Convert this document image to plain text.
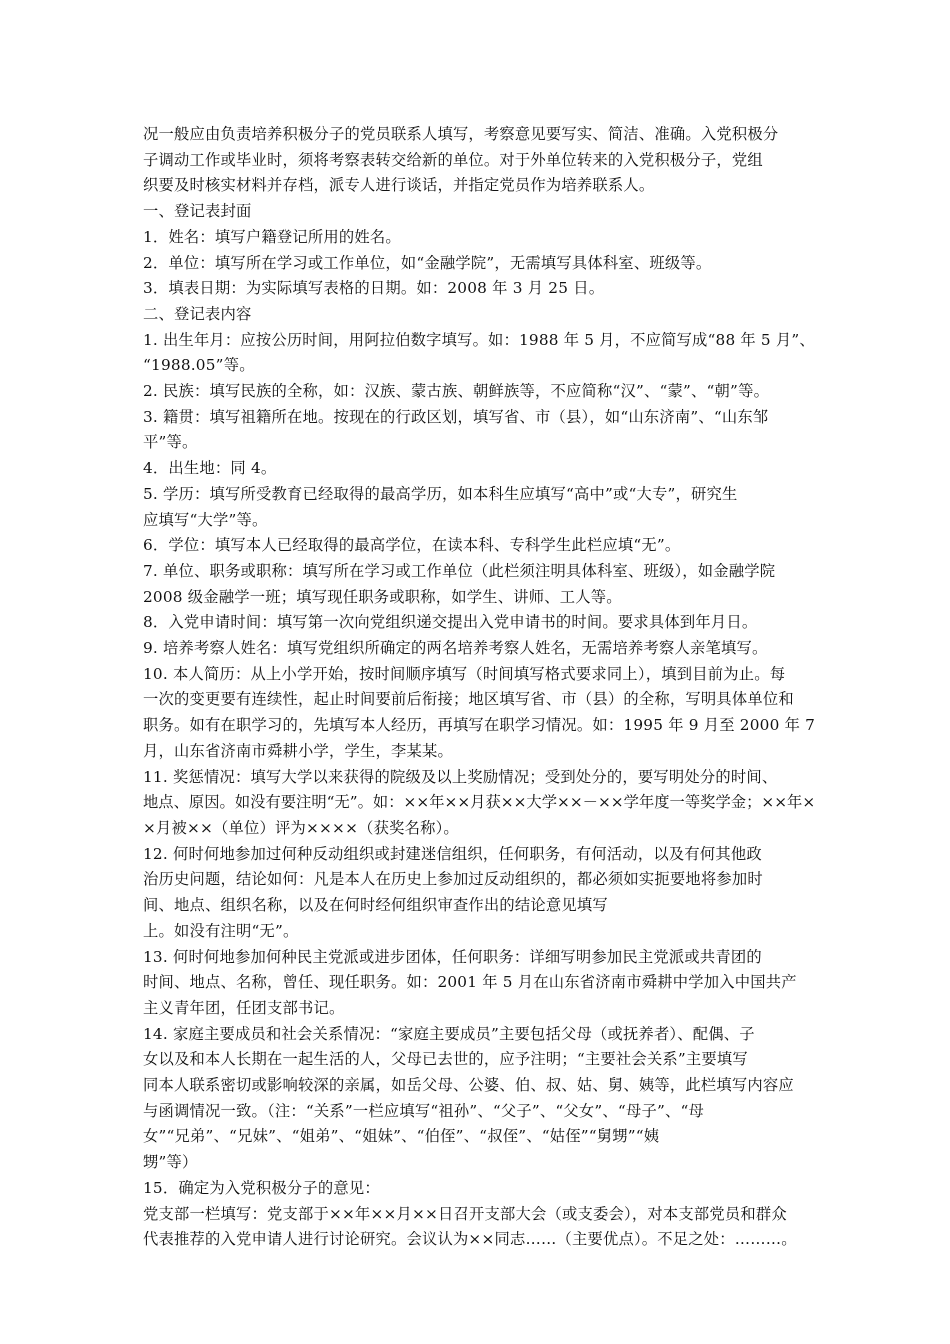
况一般应由负责培养积极分子的党员联系人填写，考察意见要写实、简洁、准确。入党积极分
子调动工作或毕业时，须将考察表转交给新的单位。对于外单位转来的入党积极分子，党组
织要及时核实材料并存档，派专人进行谈话，并指定党员作为培养联系人。
一、登记表封面
1．姓名：填写户籍登记所用的姓名。
2．单位：填写所在学习或工作单位，如“金融学院”，无需填写具体科室、班级等。
3．填表日期：为实际填写表格的日期。如：2008 年 3 月 25 日。
二、登记表内容
1. 出生年月：应按公历时间，用阿拉伯数字填写。如：1988 年 5 月，不应简写成“88 年 5 月”、
“1988.05”等。
2. 民族：填写民族的全称，如：汉族、蒙古族、朝鲜族等，不应简称“汉”、“蒙”、“朝”等。
3. 籍贯：填写祖籍所在地。按现在的行政区划，填写省、市（县），如“山东济南”、“山东邹
平”等。
4．出生地：同 4。
5. 学历：填写所受教育已经取得的最高学历，如本科生应填写“高中”或“大专”，研究生
应填写“大学”等。
6．学位：填写本人已经取得的最高学位，在读本科、专科学生此栏应填“无”。
7. 单位、职务或职称：填写所在学习或工作单位（此栏须注明具体科室、班级），如金融学院
2008 级金融学一班；填写现任职务或职称，如学生、讲师、工人等。
8．入党申请时间：填写第一次向党组织递交提出入党申请书的时间。要求具体到年月日。
9. 培养考察人姓名：填写党组织所确定的两名培养考察人姓名，无需培养考察人亲笔填写。
10. 本人简历：从上小学开始，按时间顺序填写（时间填写格式要求同上），填到目前为止。每
一次的变更要有连续性，起止时间要前后衔接；地区填写省、市（县）的全称，写明具体单位和
职务。如有在职学习的，先填写本人经历，再填写在职学习情况。如：1995 年 9 月至 2000 年 7
月，山东省济南市舜耕小学，学生，李某某。
11. 奖惩情况：填写大学以来获得的院级及以上奖励情况；受到处分的，要写明处分的时间、
地点、原因。如没有要注明“无”。如：××年××月获××大学××－××学年度一等奖学金；××年×
×月被××（单位）评为××××（获奖名称）。
12. 何时何地参加过何种反动组织或封建迷信组织，任何职务，有何活动，以及有何其他政
治历史问题，结论如何：凡是本人在历史上参加过反动组织的，都必须如实扼要地将参加时
间、地点、组织名称，以及在何时经何组织审查作出的结论意见填写
上。如没有注明“无”。
13. 何时何地参加何种民主党派或进步团体，任何职务：详细写明参加民主党派或共青团的
时间、地点、名称，曾任、现任职务。如：2001 年 5 月在山东省济南市舜耕中学加入中国共产
主义青年团，任团支部书记。
14. 家庭主要成员和社会关系情况：“家庭主要成员”主要包括父母（或抚养者）、配偶、子
女以及和本人长期在一起生活的人，父母已去世的，应予注明；“主要社会关系”主要填写
同本人联系密切或影响较深的亲属，如岳父母、公婆、伯、叔、姑、舅、姨等，此栏填写内容应
与函调情况一致。（注：“关系”一栏应填写“祖孙”、“父子”、“父女”、“母子”、“母
女”“兄弟”、“兄妹”、“姐弟”、“姐妹”、“伯侄”、“叔侄”、“姑侄”“舅甥”“姨
甥”等）
15．确定为入党积极分子的意见：
党支部一栏填写：党支部于××年××月××日召开支部大会（或支委会），对本支部党员和群众
代表推荐的入党申请人进行讨论研究。会议认为××同志……（主要优点）。不足之处：………。
